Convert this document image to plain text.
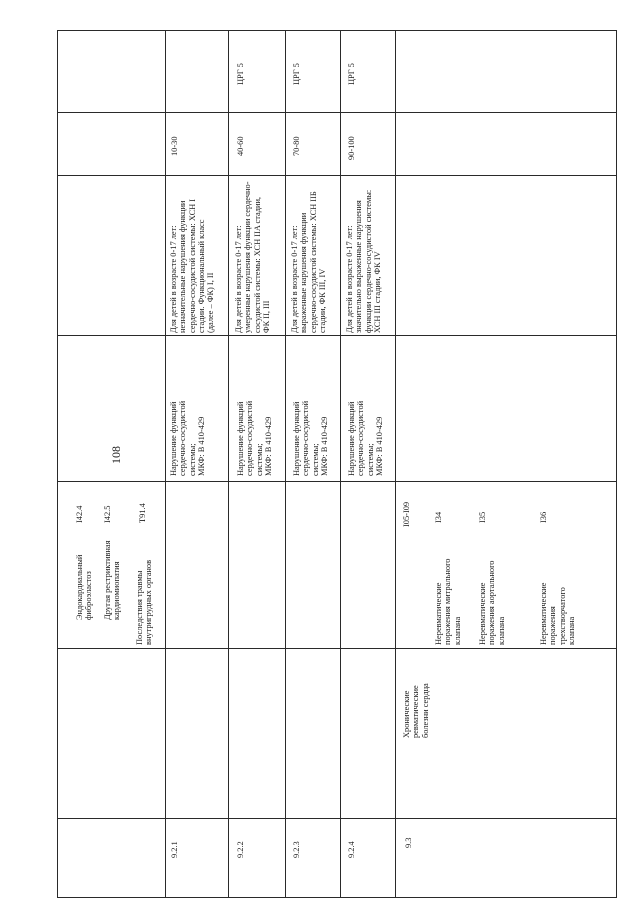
108
Эндокардиальный
фиброэластоз
I42.4
Другая рестриктивная
кардиомиопатия
I42.5
Последствия травмы
внутригрудных органов
T91.4
9.2.1
Нарушение функций
сердечно-сосудистой
системы;
МКФ: В 410-429
Для детей в возрасте 0-17 лет:
незначительные нарушения функции
сердечно-сосудистой системы: ХСН I
стадии. Функциональный класс
(далее – ФК) I, II
10-30
9.2.2
Нарушение функций
сердечно-сосудистой
системы;
МКФ: В 410-429
Для детей в возрасте 0-17 лет:
умеренные нарушения функции сердечно-
сосудистой системы: ХСН IIA стадии,
ФК II, III
40-60
ЦРГ 5
9.2.3
Нарушение функций
сердечно-сосудистой
системы;
МКФ: В 410-429
Для детей в возрасте 0-17 лет:
выраженные нарушения функции
сердечно-сосудистой системы: ХСН IIБ
стадии, ФК III, IV
70-80
ЦРГ 5
9.2.4
Нарушение функций
сердечно-сосудистой
системы;
МКФ: В 410-429
Для детей в возрасте 0-17 лет:
значительно выраженные нарушения
функции сердечно-сосудистой системы:
ХСН III стадии, ФК IV
90-100
ЦРГ 5
9.3
Хронические
ревматические
болезни сердца
I05-I09
Неревматические
поражения митрального
клапана
I34
Неревматические
поражения аортального
клапана
I35
Неревматические
поражения
трехстворчатого
клапана
I36
